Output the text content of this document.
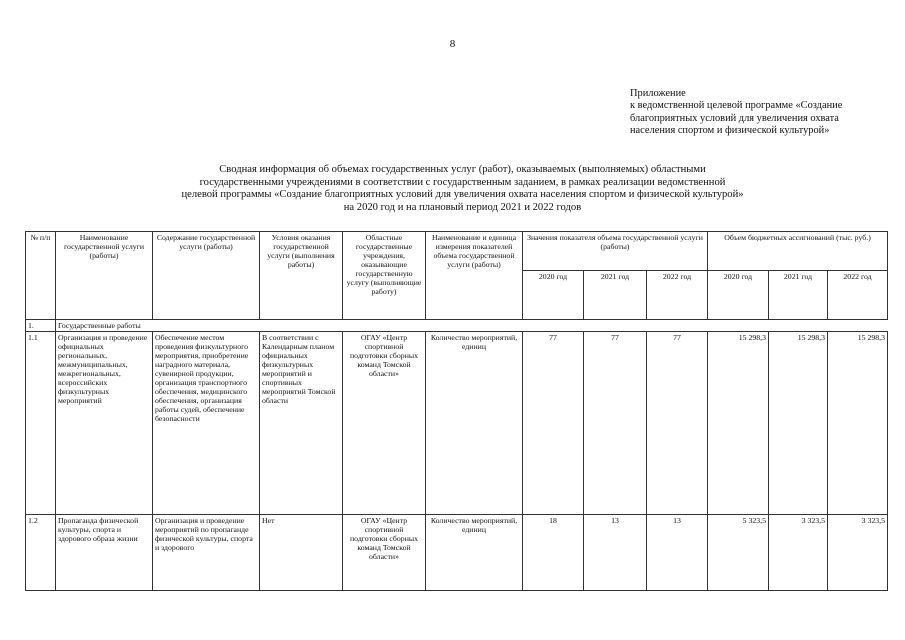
8
Приложение
к ведомственной целевой программе «Создание
благоприятных условий для увеличения охвата
населения спортом и физической культурой»
Сводная информация об объемах государственных услуг (работ), оказываемых (выполняемых) областными
государственными учреждениями в соответствии с государственным заданием, в рамках реализации ведомственной
целевой программы «Создание благоприятных условий для увеличения охвата населения спортом и физической культурой»
на 2020 год и на плановый период 2021 и 2022 годов
№ п/п	Наименование государственной услуги (работы)	Содержание государственной услуги (работы)	Условия оказания государственной услуги (выполнения работы)	Областные государственные учреждения, оказывающие государственную услугу (выполняющие работу)	Наименование и единица измерения показателей объема государственной услуги (работы)	Значения показателя объема государственной услуги (работы)			Объем бюджетных ассигнований (тыс. руб.)		
						2020 год	2021 год	2022 год	2020 год	2021 год	2022 год
1.	Государственные работы										
1.1	Организация и проведение официальных региональных, межмуниципальных, межрегиональных, всероссийских физкультурных мероприятий	Обеспечение местом проведения физкультурного мероприятия, приобретение наградного материала, сувенирной продукции, организация транспортного обеспечения, медицинского обеспечения, организация работы судей, обеспечение безопасности	В соответствии с Календарным планом официальных физкультурных мероприятий и спортивных мероприятий Томской области	ОГАУ «Центр спортивной подготовки сборных команд Томской области»	Количество мероприятий, единиц	77	77	77	15 298,3	15 298,3	15 298,3
1.2	Пропаганда физической культуры, спорта и здорового образа жизни	Организация и проведение мероприятий по пропаганде физической культуры, спорта и здорового	Нет	ОГАУ «Центр спортивной подготовки сборных команд Томской области»	Количество мероприятий, единиц	18	13	13	5 323,5	3 323,5	3 323,5
